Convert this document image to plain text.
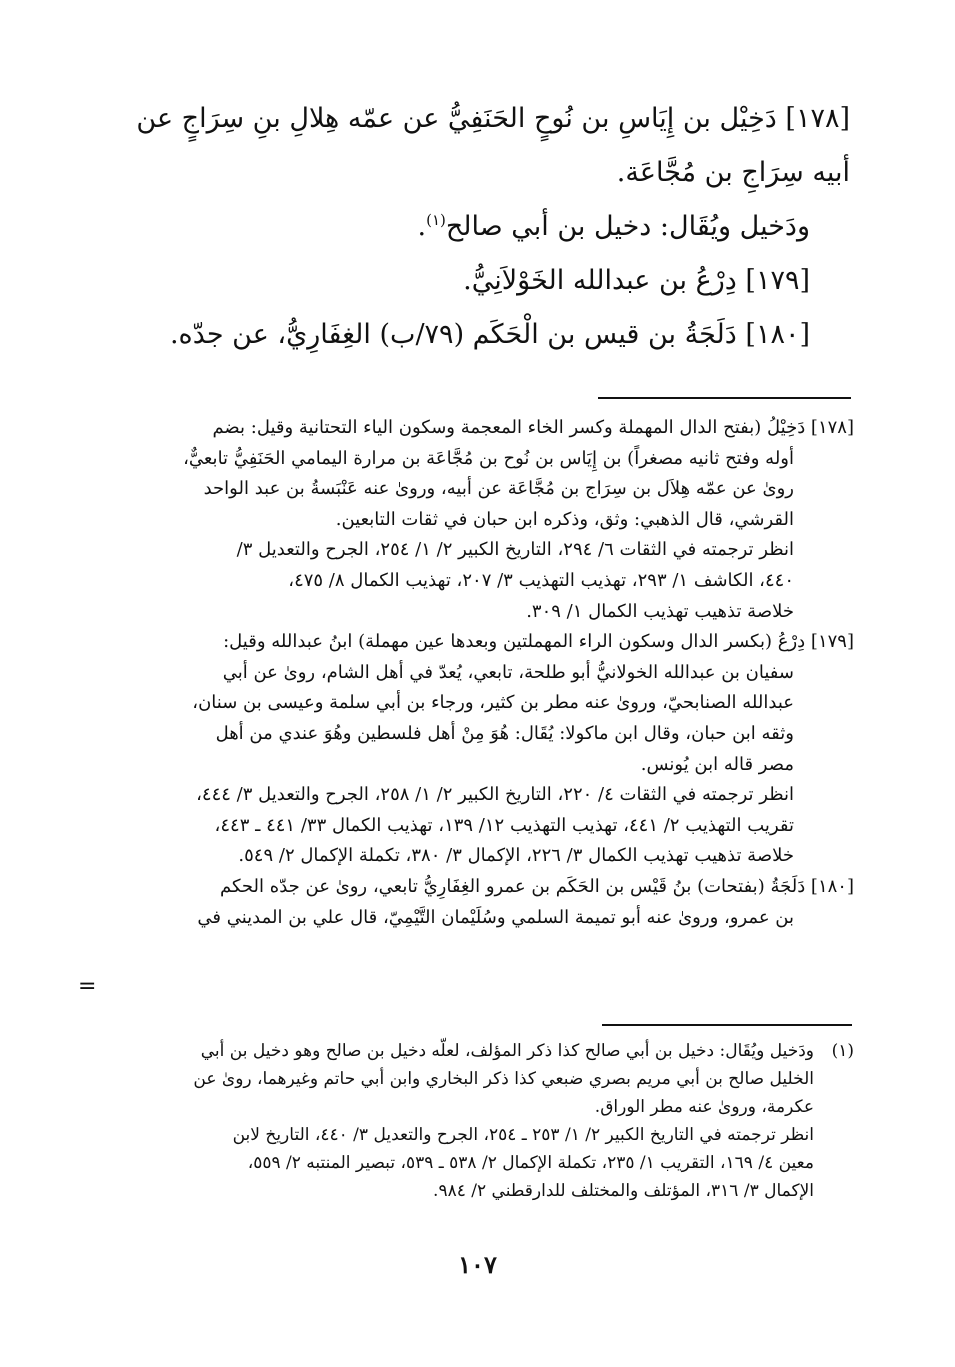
[١٧٨] دَخِيْل بن إِيَاسِ بن نُوحٍ الحَنَفِيُّ عن عمّه هِلالِ بنِ سِرَاجٍ عن

أبيه سِرَاجِ بن مُجَّاعَة.

ودَخيل ويُقَال: دخيل بن أبي صالح$^{(١)}$.

[١٧٩] دِرْعُ بن عبدالله الخَوْلاَنِيُّ.

[١٨٠] دَلَجَةُ بن قيس بن الْحَكَم (٧٩/ب) الغِفَارِيُّ، عن جدّه.

[١٧٨] دَخِيْلُ (بفتح الدال المهملة وكسر الخاء المعجمة وسكون الياء التحتانية وقيل: بضم

أوله وفتح ثانيه مصغراً) بن إِيَاس بن نُوح بن مُجَّاعَة بن مرارة اليمامي الحَنَفِيُّ تابعيٌّ،

روىٰ عن عمّه هِلاَل بن سِرَاج بن مُجَّاعَة عن أبيه، وروىٰ عنه عَنْبَسةُ بن عبد الواحد

القرشي، قال الذهبي: وثق، وذكره ابن حبان في ثقات التابعين.

انظر ترجمته في الثقات ٦/ ٢٩٤، التاريخ الكبير ٢/ ١/ ٢٥٤، الجرح والتعديل ٣/

٤٤٠، الكاشف ١/ ٢٩٣، تهذيب التهذيب ٣/ ٢٠٧، تهذيب الكمال ٨/ ٤٧٥،

خلاصة تذهيب تهذيب الكمال ١/ ٣٠٩.

[١٧٩] دِرْعُ (بكسر الدال وسكون الراء المهملتين وبعدها عين مهملة) ابنُ عبدالله وقيل:

سفيان بن عبدالله الخولانيُّ أبو طلحة، تابعي، يُعدّ في أهل الشام، روىٰ عن أبي

عبدالله الصنابحيّ، وروىٰ عنه مطر بن كثير، ورجاء بن أبي سلمة وعيسى بن سنان،

وثقه ابن حبان، وقال ابن ماكولا: يُقَال: هُوَ مِنْ أهل فلسطين وهُوَ عندي من أهل

مصر قاله ابن يُونس.

انظر ترجمته في الثقات ٤/ ٢٢٠، التاريخ الكبير ٢/ ١/ ٢٥٨، الجرح والتعديل ٣/ ٤٤٤،

تقريب التهذيب ٢/ ٤٤١، تهذيب التهذيب ١٢/ ١٣٩، تهذيب الكمال ٣٣/ ٤٤١ ـ ٤٤٣،

خلاصة تذهيب تهذيب الكمال ٣/ ٢٢٦، الإكمال ٣/ ٣٨٠، تكملة الإكمال ٢/ ٥٤٩.

[١٨٠] دَلَجَةُ (بفتحات) بنُ قَيْس بن الحَكَم بن عمرو الغِفَارِيُّ تابعي، روىٰ عن جدّه الحكم

بن عمرو، وروىٰ عنه أبو تميمة السلمي وسُلَيْمان التَّيْمِيّ، قال علي بن المديني في

=
(١)

ودَخيل ويُقَال: دخيل بن أبي صالح كذا ذكر المؤلف، لعلّه دخيل بن صالح وهو دخيل بن أبي

الخليل صالح بن أبي مريم بصري ضبعي كذا ذكر البخاري وابن أبي حاتم وغيرهما، روىٰ عن

عكرمة، وروىٰ عنه مطر الوراق.

انظر ترجمته في التاريخ الكبير ٢/ ١/ ٢٥٣ ـ ٢٥٤، الجرح والتعديل ٣/ ٤٤٠، التاريخ لابن

معين ٤/ ١٦٩، التقريب ١/ ٢٣٥، تكملة الإكمال ٢/ ٥٣٨ ـ ٥٣٩، تبصير المنتبه ٢/ ٥٥٩،

الإكمال ٣/ ٣١٦، المؤتلف والمختلف للدارقطني ٢/ ٩٨٤.

١٠٧
